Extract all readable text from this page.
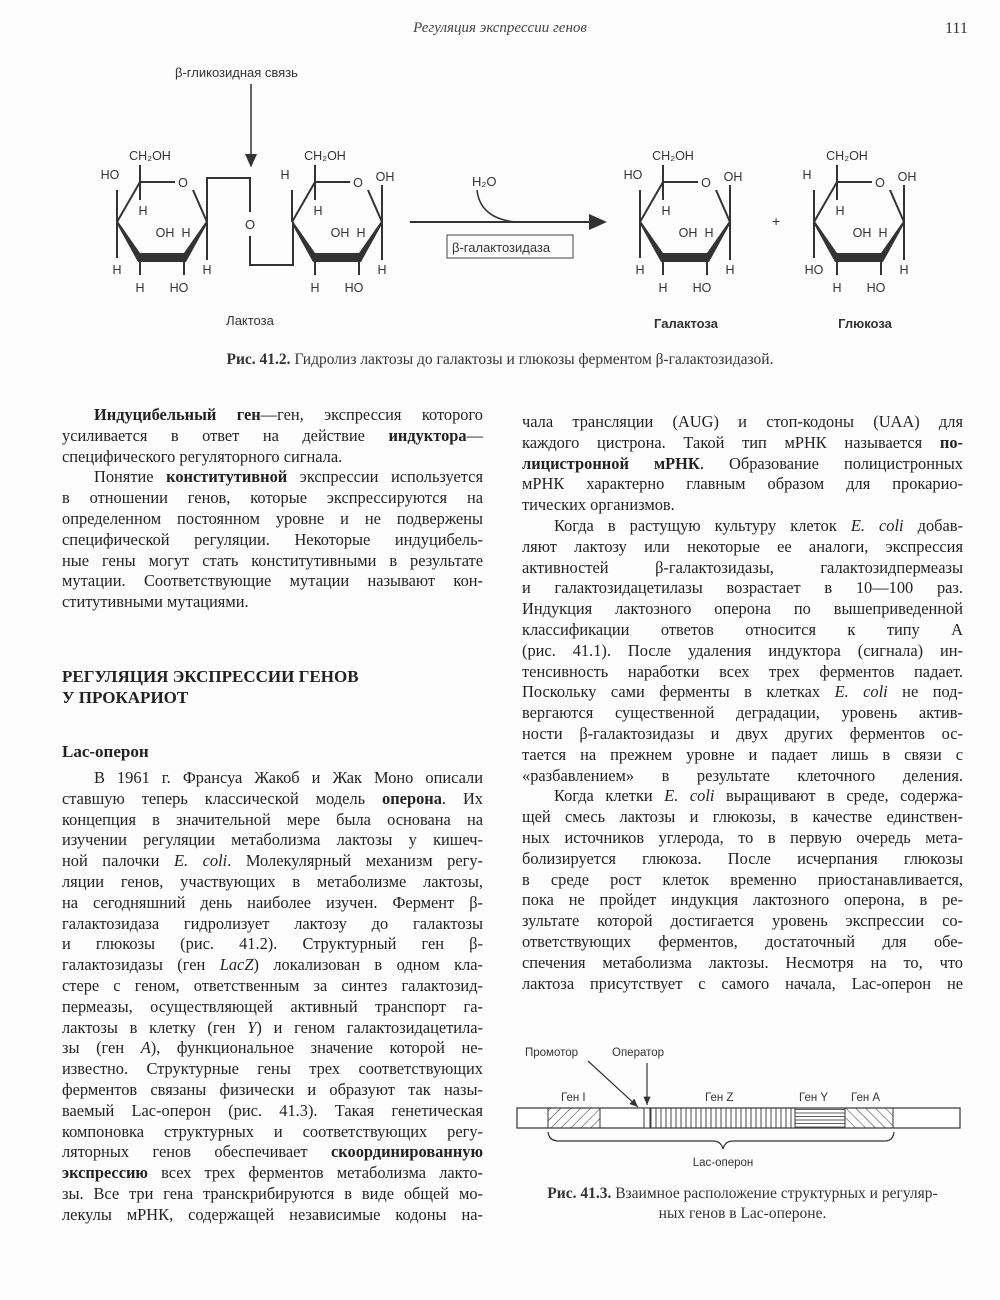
Регуляция экспрессии генов	111
β-гликозидная связь
O
CH₂OH
H
HO
H
OH
H
H
HO
H
O
CH₂OH
H
H
OH
H
H
HO
OH
H
O
CH₂OH
H
HO
H
OH
H
H
HO
OH
H
O
CH₂OH
H
H
HO
OH
H
H
HO
OH
H
O
H₂O
β-галактозидаза
+
Лактоза	Галактоза	Глюкоза
Рис. 41.2. Гидролиз лактозы до галактозы и глюкозы ферментом β-галактозидазой.
Индуцибельный ген—ген, экспрессия которого
усиливается в ответ на действие индуктора—
специфического регуляторного сигнала.
Понятие конститутивной экспрессии используется
в отношении генов, которые экспрессируются на
определенном постоянном уровне и не подвержены
специфической регуляции. Некоторые индуцибель-
ные гены могут стать конститутивными в результате
мутации. Соответствующие мутации называют кон-
ститутивными мутациями.
РЕГУЛЯЦИЯ ЭКСПРЕССИИ ГЕНОВ
У ПРОКАРИОТ
Lac-оперон
В 1961 г. Франсуа Жакоб и Жак Моно описали
ставшую теперь классической модель оперона. Их
концепция в значительной мере была основана на
изучении регуляции метаболизма лактозы у кишеч-
ной палочки E. coli. Молекулярный механизм регу-
ляции генов, участвующих в метаболизме лактозы,
на сегодняшний день наиболее изучен. Фермент β-
галактозидаза гидролизует лактозу до галактозы
и глюкозы (рис. 41.2). Структурный ген β-
галактозидазы (ген LacZ) локализован в одном кла-
стере с геном, ответственным за синтез галактозид-
пермеазы, осуществляющей активный транспорт га-
лактозы в клетку (ген Y) и геном галактозидацетила-
зы (ген A), функциональное значение которой не-
известно. Структурные гены трех соответствующих
ферментов связаны физически и образуют так назы-
ваемый Lac-оперон (рис. 41.3). Такая генетическая
компоновка структурных и соответствующих регу-
ляторных генов обеспечивает скоординированную
экспрессию всех трех ферментов метаболизма лакто-
зы. Все три гена транскрибируются в виде общей мо-
лекулы мРНК, содержащей независимые кодоны на-
чала трансляции (AUG) и стоп-кодоны (UAA) для
каждого цистрона. Такой тип мРНК называется по-
лицистронной мРНК. Образование полицистронных
мРНК характерно главным образом для прокарио-
тических организмов.
Когда в растущую культуру клеток E. coli добав-
ляют лактозу или некоторые ее аналоги, экспрессия
активностей β-галактозидазы, галактозидпермеазы
и галактозидацетилазы возрастает в 10—100 раз.
Индукция лактозного оперона по вышеприведенной
классификации ответов относится к типу А
(рис. 41.1). После удаления индуктора (сигнала) ин-
тенсивность наработки всех трех ферментов падает.
Поскольку сами ферменты в клетках E. coli не под-
вергаются существенной деградации, уровень актив-
ности β-галактозидазы и двух других ферментов ос-
тается на прежнем уровне и падает лишь в связи с
«разбавлением» в результате клеточного деления.
Когда клетки E. coli выращивают в среде, содержа-
щей смесь лактозы и глюкозы, в качестве единствен-
ных источников углерода, то в первую очередь мета-
болизируется глюкоза. После исчерпания глюкозы
в среде рост клеток временно приостанавливается,
пока не пройдет индукция лактозного оперона, в ре-
зультате которой достигается уровень экспрессии со-
ответствующих ферментов, достаточный для обе-
спечения метаболизма лактозы. Несмотря на то, что
лактоза присутствует с самого начала, Lac-оперон не
Промотор	Оператор
Ген I	Ген Z	Ген Y Ген A
Lac-оперон
Рис. 41.3. Взаимное расположение структурных и регуляр-
ных генов в Lac-опероне.
